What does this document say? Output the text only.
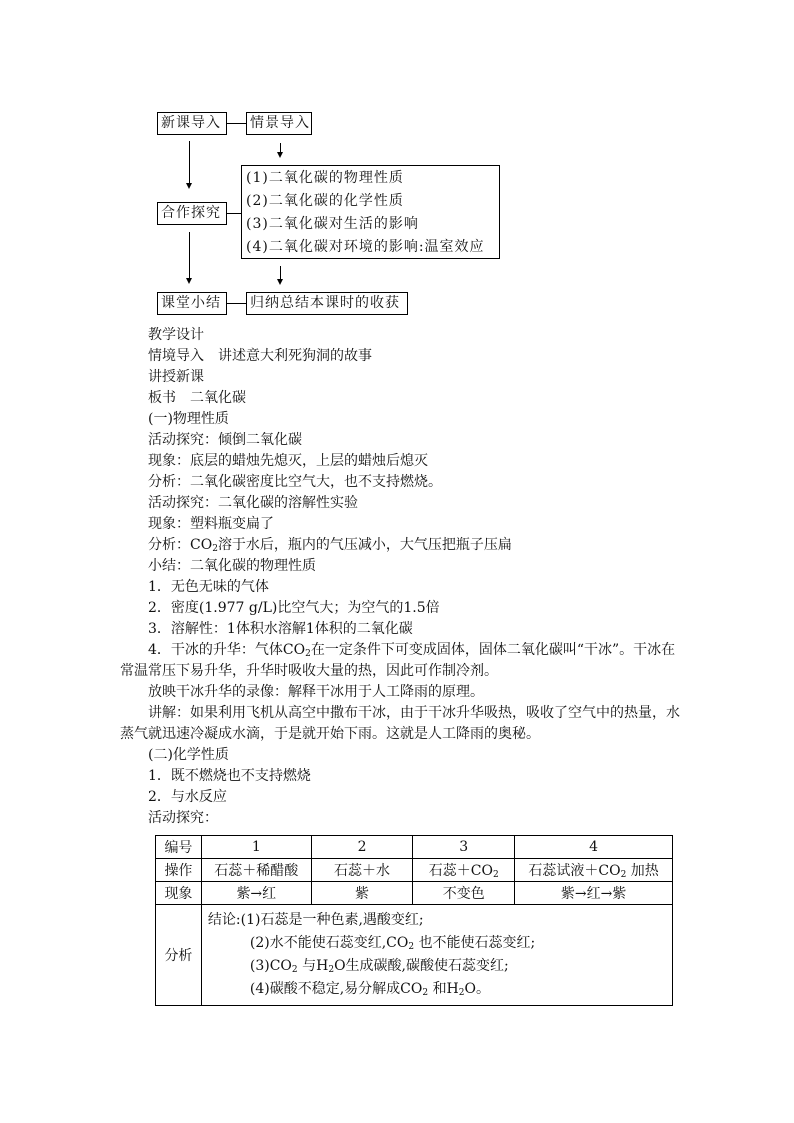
新课导入	情景导入
合作探究
(1)二氧化碳的物理性质
(2)二氧化碳的化学性质
(3)二氧化碳对生活的影响
(4)二氧化碳对环境的影响:温室效应
课堂小结	归纳总结本课时的收获
教学设计
情境导入　讲述意大利死狗洞的故事
讲授新课
板书　二氧化碳
(一)物理性质
活动探究：倾倒二氧化碳
现象：底层的蜡烛先熄灭，上层的蜡烛后熄灭
分析：二氧化碳密度比空气大，也不支持燃烧。
活动探究：二氧化碳的溶解性实验
现象：塑料瓶变扁了
分析：$CO_2$溶于水后，瓶内的气压减小，大气压把瓶子压扁
小结：二氧化碳的物理性质
1．无色无味的气体
2．密度(1.977 g/L)比空气大；为空气的1.5倍
3．溶解性：1体积水溶解1体积的二氧化碳
4．干冰的升华：气体$CO_2$在一定条件下可变成固体，固体二氧化碳叫“干冰”。干冰在
常温常压下易升华，升华时吸收大量的热，因此可作制冷剂。
放映干冰升华的录像：解释干冰用于人工降雨的原理。
讲解：如果利用飞机从高空中撒布干冰，由于干冰升华吸热，吸收了空气中的热量，水
蒸气就迅速冷凝成水滴，于是就开始下雨。这就是人工降雨的奥秘。
(二)化学性质
1．既不燃烧也不支持燃烧
2．与水反应
活动探究：
编号	1	2	3	4
操作	石蕊＋稀醋酸	石蕊＋水	石蕊$+CO_2$	石蕊试液$+CO_2$ 加热
现象	紫→红	紫	不变色	紫→红→紫
分析	结论:(1)石蕊是一种色素,遇酸变红;
(2)水不能使石蕊变红$,CO_2$ 也不能使石蕊变红;
$(3)CO_2$ 与$H_2O$生成碳酸,碳酸使石蕊变红;
(4)碳酸不稳定,易分解成$CO_2$ 和$H_2O$。			
